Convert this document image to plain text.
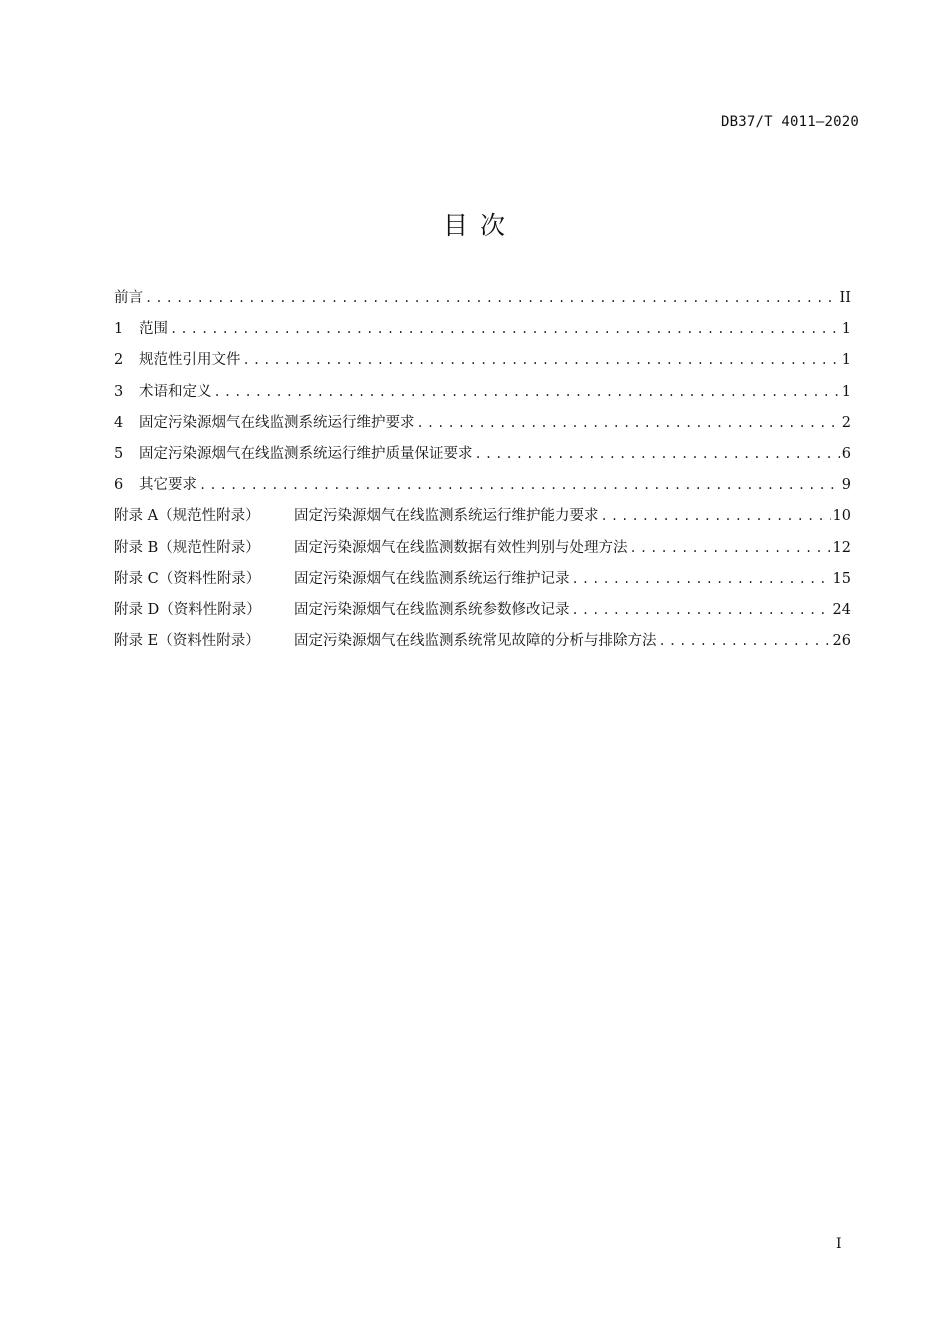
DB37/T 4011—2020
目 次
前言 .....	II
1	范围 .....	1
2	规范性引用文件 .....	1
3	术语和定义 .....	1
4	固定污染源烟气在线监测系统运行维护要求 .....	2
5	固定污染源烟气在线监测系统运行维护质量保证要求 .....	6
6	其它要求 .....	9
附录 A（规范性附录）	固定污染源烟气在线监测系统运行维护能力要求 .....	10
附录 B（规范性附录）	固定污染源烟气在线监测数据有效性判别与处理方法 .....	12
附录 C（资料性附录）	固定污染源烟气在线监测系统运行维护记录 .....	15
附录 D（资料性附录）	固定污染源烟气在线监测系统参数修改记录 .....	24
附录 E（资料性附录）	固定污染源烟气在线监测系统常见故障的分析与排除方法 .....	26
I
